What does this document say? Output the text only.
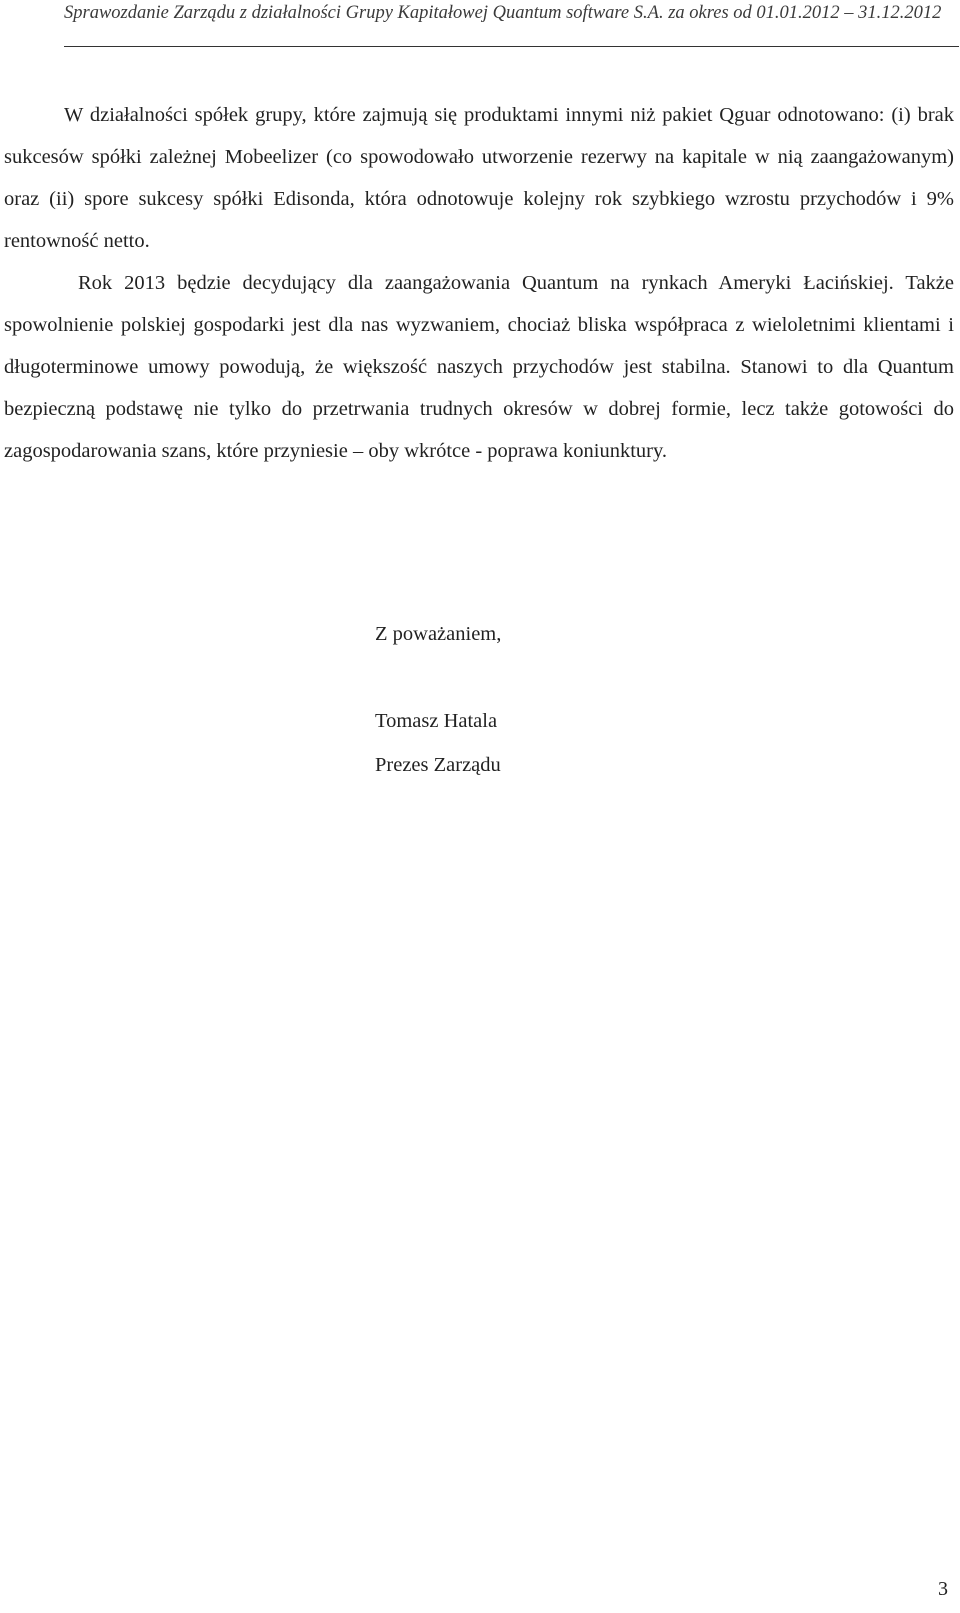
Sprawozdanie Zarządu z działalności Grupy Kapitałowej Quantum software S.A. za okres od 01.01.2012 – 31.12.2012

W działalności spółek grupy, które zajmują się produktami innymi niż pakiet Qguar odnotowano: (i) brak sukcesów spółki zależnej Mobeelizer (co spowodowało utworzenie rezerwy na kapitale w nią zaangażowanym) oraz (ii) spore sukcesy spółki Edisonda, która odnotowuje kolejny rok szybkiego wzrostu przychodów i 9% rentowność netto.

Rok 2013 będzie decydujący dla zaangażowania Quantum na rynkach Ameryki Łacińskiej. Także spowolnienie polskiej gospodarki jest dla nas wyzwaniem, chociaż bliska współpraca z wieloletnimi klientami i długoterminowe umowy powodują, że większość naszych przychodów jest stabilna. Stanowi to dla Quantum bezpieczną podstawę nie tylko do przetrwania trudnych okresów w dobrej formie, lecz także gotowości do zagospodarowania szans, które przyniesie – oby wkrótce - poprawa koniunktury.

Z poważaniem,
Tomasz Hatala
Prezes Zarządu
3
